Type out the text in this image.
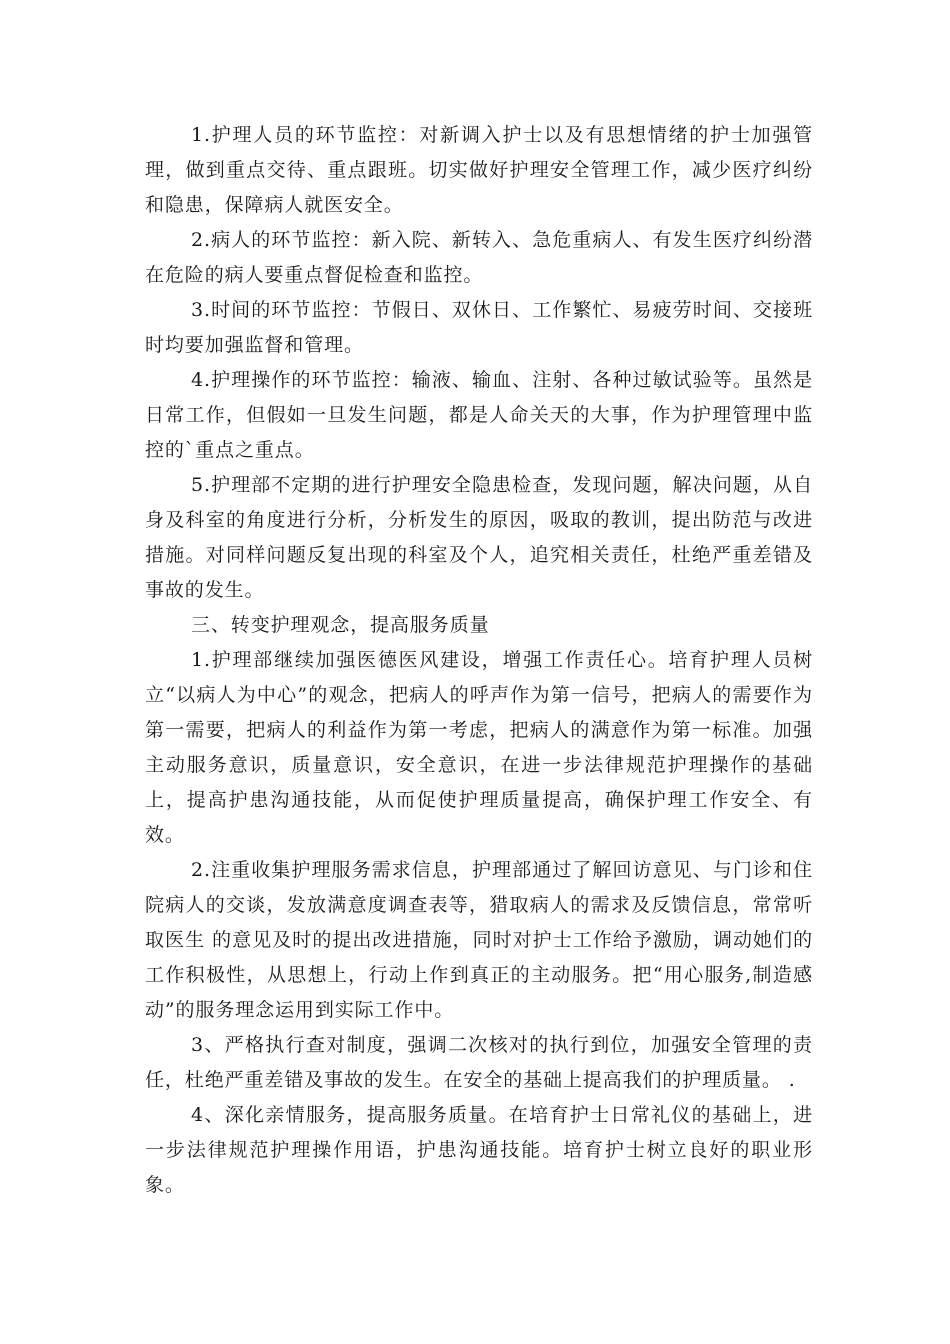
1.护理人员的环节监控：对新调入护士以及有思想情绪的护士加强管理，做到重点交待、重点跟班。切实做好护理安全管理工作，减少医疗纠纷和隐患，保障病人就医安全。

2.病人的环节监控：新入院、新转入、急危重病人、有发生医疗纠纷潜在危险的病人要重点督促检查和监控。

3.时间的环节监控：节假日、双休日、工作繁忙、易疲劳时间、交接班时均要加强监督和管理。

4.护理操作的环节监控：输液、输血、注射、各种过敏试验等。虽然是日常工作，但假如一旦发生问题，都是人命关天的大事，作为护理管理中监控的`重点之重点。

5.护理部不定期的进行护理安全隐患检查，发现问题，解决问题，从自身及科室的角度进行分析，分析发生的原因，吸取的教训，提出防范与改进措施。对同样问题反复出现的科室及个人，追究相关责任，杜绝严重差错及事故的发生。

三、转变护理观念，提高服务质量

1.护理部继续加强医德医风建设，增强工作责任心。培育护理人员树立“以病人为中心”的观念，把病人的呼声作为第一信号，把病人的需要作为第一需要，把病人的利益作为第一考虑，把病人的满意作为第一标准。加强主动服务意识，质量意识，安全意识，在进一步法律规范护理操作的基础上，提高护患沟通技能，从而促使护理质量提高，确保护理工作安全、有效。

2.注重收集护理服务需求信息，护理部通过了解回访意见、与门诊和住院病人的交谈，发放满意度调查表等，猎取病人的需求及反馈信息，常常听取医生 的意见及时的提出改进措施，同时对护士工作给予激励，调动她们的工作积极性，从思想上，行动上作到真正的主动服务。把“用心服务,制造感动”的服务理念运用到实际工作中。

3、严格执行查对制度，强调二次核对的执行到位，加强安全管理的责任，杜绝严重差错及事故的发生。在安全的基础上提高我们的护理质量。 .

4、深化亲情服务，提高服务质量。在培育护士日常礼仪的基础上，进一步法律规范护理操作用语，护患沟通技能。培育护士树立良好的职业形象。
